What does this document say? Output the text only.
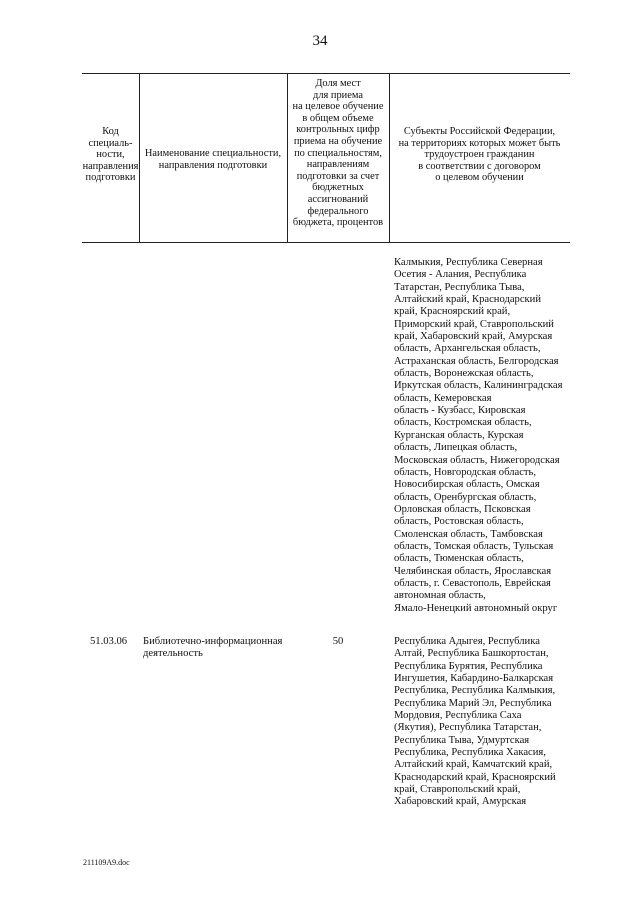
34
Код
специаль-
ности,
направления
подготовки
Наименование специальности,
направления подготовки
Доля мест
для приема
на целевое обучение
в общем объеме
контрольных цифр
приема на обучение
по специальностям,
направлениям
подготовки за счет
бюджетных
ассигнований
федерального
бюджета, процентов
Субъекты Российской Федерации,
на территориях которых может быть
трудоустроен гражданин
в соответствии с договором
о целевом обучении
Калмыкия, Республика Северная
Осетия - Алания, Республика
Татарстан, Республика Тыва,
Алтайский край, Краснодарский
край, Красноярский край,
Приморский край, Ставропольский
край, Хабаровский край, Амурская
область, Архангельская область,
Астраханская область, Белгородская
область, Воронежская область,
Иркутская область, Калининградская
область, Кемеровская
область - Кузбасс, Кировская
область, Костромская область,
Курганская область, Курская
область, Липецкая область,
Московская область, Нижегородская
область, Новгородская область,
Новосибирская область, Омская
область, Оренбургская область,
Орловская область, Псковская
область, Ростовская область,
Смоленская область, Тамбовская
область, Томская область, Тульская
область, Тюменская область,
Челябинская область, Ярославская
область, г. Севастополь, Еврейская
автономная область,
Ямало-Ненецкий автономный округ
51.03.06 Библиотечно-информационная
деятельность
50	Республика Адыгея, Республика
Алтай, Республика Башкортостан,
Республика Бурятия, Республика
Ингушетия, Кабардино-Балкарская
Республика, Республика Калмыкия,
Республика Марий Эл, Республика
Мордовия, Республика Саха
(Якутия), Республика Татарстан,
Республика Тыва, Удмуртская
Республика, Республика Хакасия,
Алтайский край, Камчатский край,
Краснодарский край, Красноярский
край, Ставропольский край,
Хабаровский край, Амурская
211109A9.doc
